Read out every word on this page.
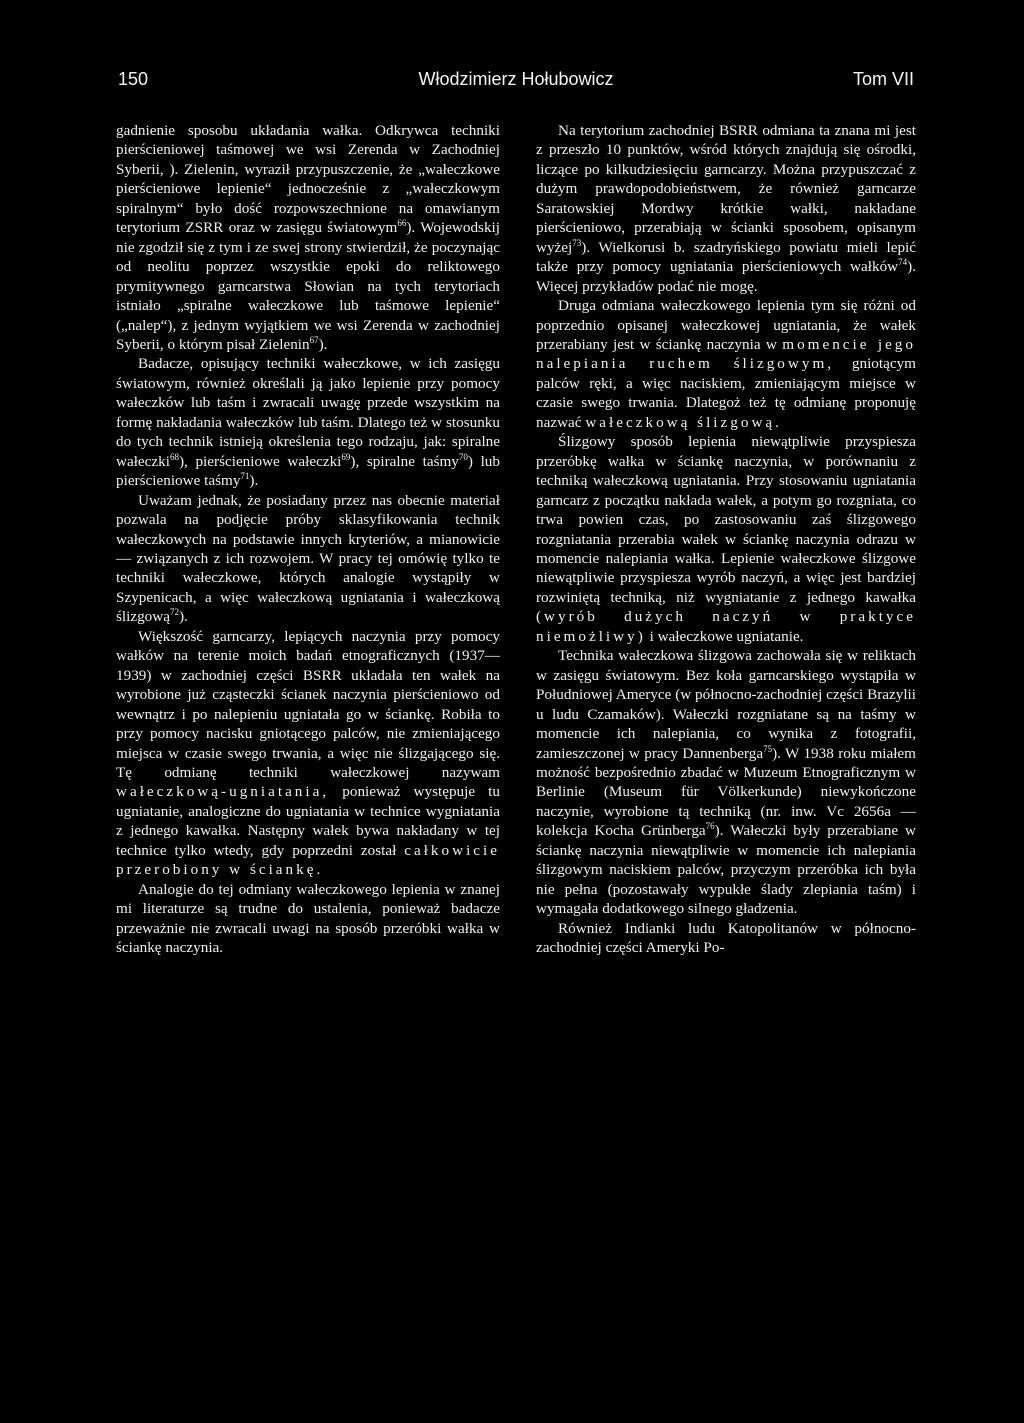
150	Włodzimierz Hołubowicz	Tom VII

gadnienie sposobu układania wałka. Odkrywca techniki pierścieniowej taśmowej we wsi Zerenda w Zachodniej Syberii, ). Zielenin, wyraził przypuszczenie, że „wałeczkowe pierścieniowe lepienie“ jednocześnie z „wałeczkowym spiralnym“ było dość rozpowszechnione na omawianym terytorium ZSRR oraz w zasięgu światowym$^{66}$). Wojewodskij nie zgodził się z tym i ze swej strony stwierdził, że poczynając od neolitu poprzez wszystkie epoki do reliktowego prymitywnego garncarstwa Słowian na tych terytoriach istniało „spiralne wałeczkowe lub taśmowe lepienie“ („nalep“), z jednym wyjątkiem we wsi Zerenda w zachodniej Syberii, o którym pisał Zielenin$^{67}$).

Badacze, opisujący techniki wałeczkowe, w ich zasięgu światowym, również określali ją jako lepienie przy pomocy wałeczków lub taśm i zwracali uwagę przede wszystkim na formę nakładania wałeczków lub taśm. Dlatego też w stosunku do tych technik istnieją określenia tego rodzaju, jak: spiralne wałeczki$^{68}$), pierścieniowe wałeczki$^{69}$), spiralne taśmy$^{70}$) lub pierścieniowe taśmy$^{71}$).

Uważam jednak, że posiadany przez nas obecnie materiał pozwala na podjęcie próby sklasyfikowania technik wałeczkowych na podstawie innych kryteriów, a mianowicie — związanych z ich rozwojem. W pracy tej omówię tylko te techniki wałeczkowe, których analogie wystąpiły w Szypenicach, a więc wałeczkową ugniatania i wałeczkową ślizgową$^{72}$).

Większość garncarzy, lepiących naczynia przy pomocy wałków na terenie moich badań etnograficznych (1937—1939) w zachodniej części BSRR układała ten wałek na wyrobione już cząsteczki ścianek naczynia pierścieniowo od wewnątrz i po nalepieniu ugniatała go w ściankę. Robiła to przy pomocy nacisku gniotącego palców, nie zmieniającego miejsca w czasie swego trwania, a więc nie ślizgającego się. Tę odmianę techniki wałeczkowej nazywam wałeczkową-ugniatania, ponieważ występuje tu ugniatanie, analogiczne do ugniatania w technice wygniatania z jednego kawałka. Następny wałek bywa nakładany w tej technice tylko wtedy, gdy poprzedni został całkowicie przerobiony w ściankę.

Analogie do tej odmiany wałeczkowego lepienia w znanej mi literaturze są trudne do ustalenia, ponieważ badacze przeważnie nie zwracali uwagi na sposób przeróbki wałka w ściankę naczynia.

Na terytorium zachodniej BSRR odmiana ta znana mi jest z przeszło 10 punktów, wśród których znajdują się ośrodki, liczące po kilkudziesięciu garncarzy. Można przypuszczać z dużym prawdopodobieństwem, że również garncarze Saratowskiej Mordwy krótkie wałki, nakładane pierścieniowo, przerabiają w ścianki sposobem, opisanym wyżej$^{73}$). Wielkorusi b. szadryńskiego powiatu mieli lepić także przy pomocy ugniatania pierścieniowych wałków$^{74}$). Więcej przykładów podać nie mogę.

Druga odmiana wałeczkowego lepienia tym się różni od poprzednio opisanej wałeczkowej ugniatania, że wałek przerabiany jest w ściankę naczynia w momencie jego nalepiania ruchem ślizgowym, gniotącym palców ręki, a więc naciskiem, zmieniającym miejsce w czasie swego trwania. Dlategoż też tę odmianę proponuję nazwać wałeczkową ślizgową.

Ślizgowy sposób lepienia niewątpliwie przyspiesza przeróbkę wałka w ściankę naczynia, w porównaniu z techniką wałeczkową ugniatania. Przy stosowaniu ugniatania garncarz z początku nakłada wałek, a potym go rozgniata, co trwa powien czas, po zastosowaniu zaś ślizgowego rozgniatania przerabia wałek w ściankę naczynia odrazu w momencie nalepiania wałka. Lepienie wałeczkowe ślizgowe niewątpliwie przyspiesza wyrób naczyń, a więc jest bardziej rozwiniętą techniką, niż wygniatanie z jednego kawałka (wyrób dużych naczyń w praktyce niemożliwy) i wałeczkowe ugniatanie.

Technika wałeczkowa ślizgowa zachowała się w reliktach w zasięgu światowym. Bez koła garncarskiego wystąpiła w Południowej Ameryce (w północno-zachodniej części Brazylii u ludu Czamaków). Wałeczki rozgniatane są na taśmy w momencie ich nalepiania, co wynika z fotografii, zamieszczonej w pracy Dannenberga$^{75}$). W 1938 roku miałem możność bezpośrednio zbadać w Muzeum Etnograficznym w Berlinie (Museum für Völkerkunde) niewykończone naczynie, wyrobione tą techniką (nr. inw. Vc 2656a — kolekcja Kocha Grünberga$^{76}$). Wałeczki były przerabiane w ściankę naczynia niewątpliwie w momencie ich nalepiania ślizgowym naciskiem palców, przyczym przeróbka ich była nie pełna (pozostawały wypukłe ślady zlepiania taśm) i wymagała dodatkowego silnego gładzenia.

Również Indianki ludu Katopolitanów w północno-zachodniej części Ameryki Po-
